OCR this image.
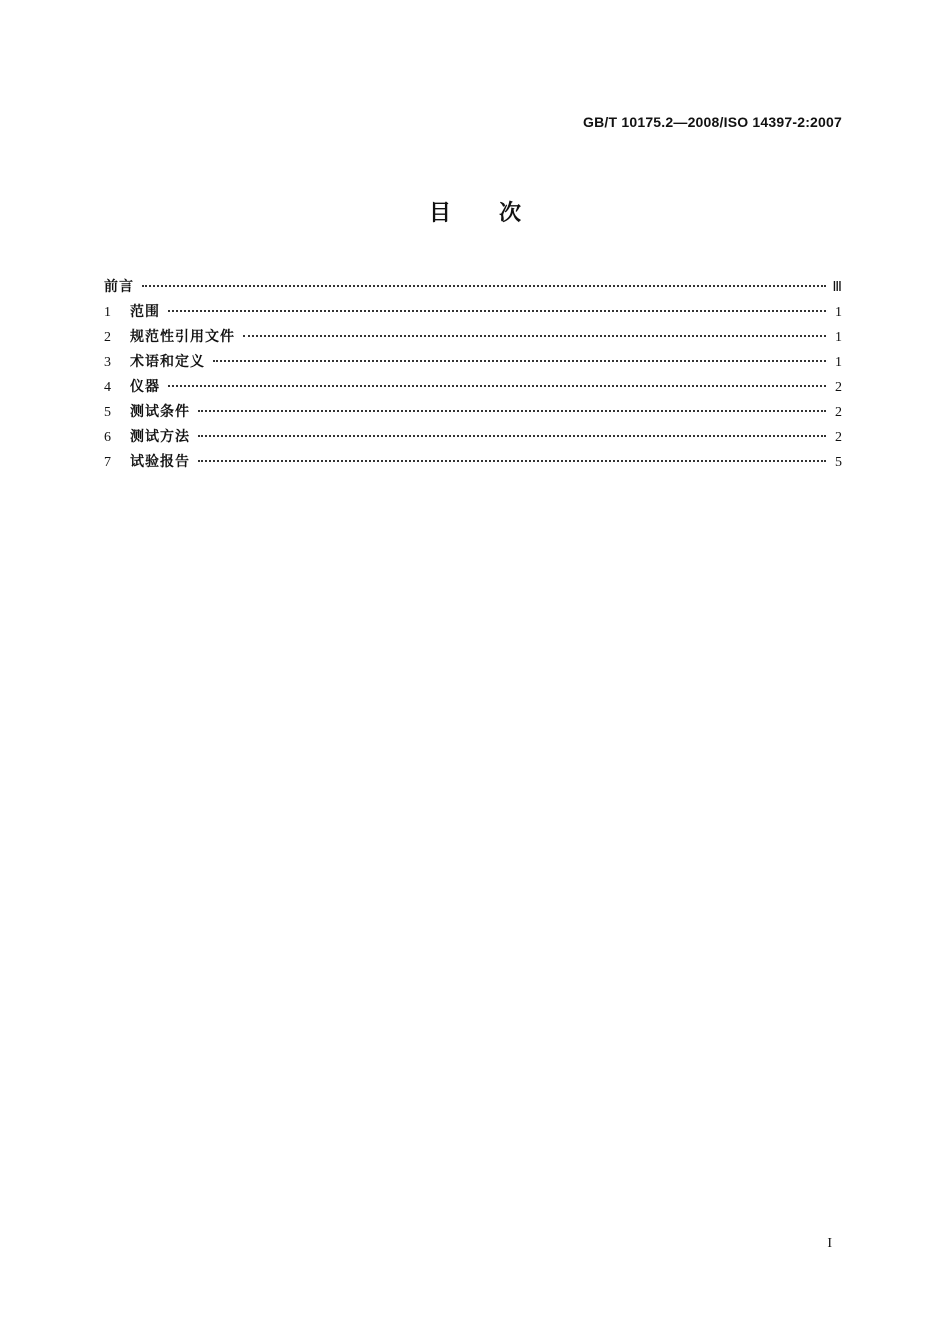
GB/T 10175.2—2008/ISO 14397-2:2007
目次
前言	Ⅲ
1	范围	1
2	规范性引用文件	1
3	术语和定义	1
4	仪器	2
5	测试条件	2
6	测试方法	2
7	试验报告	5
I
